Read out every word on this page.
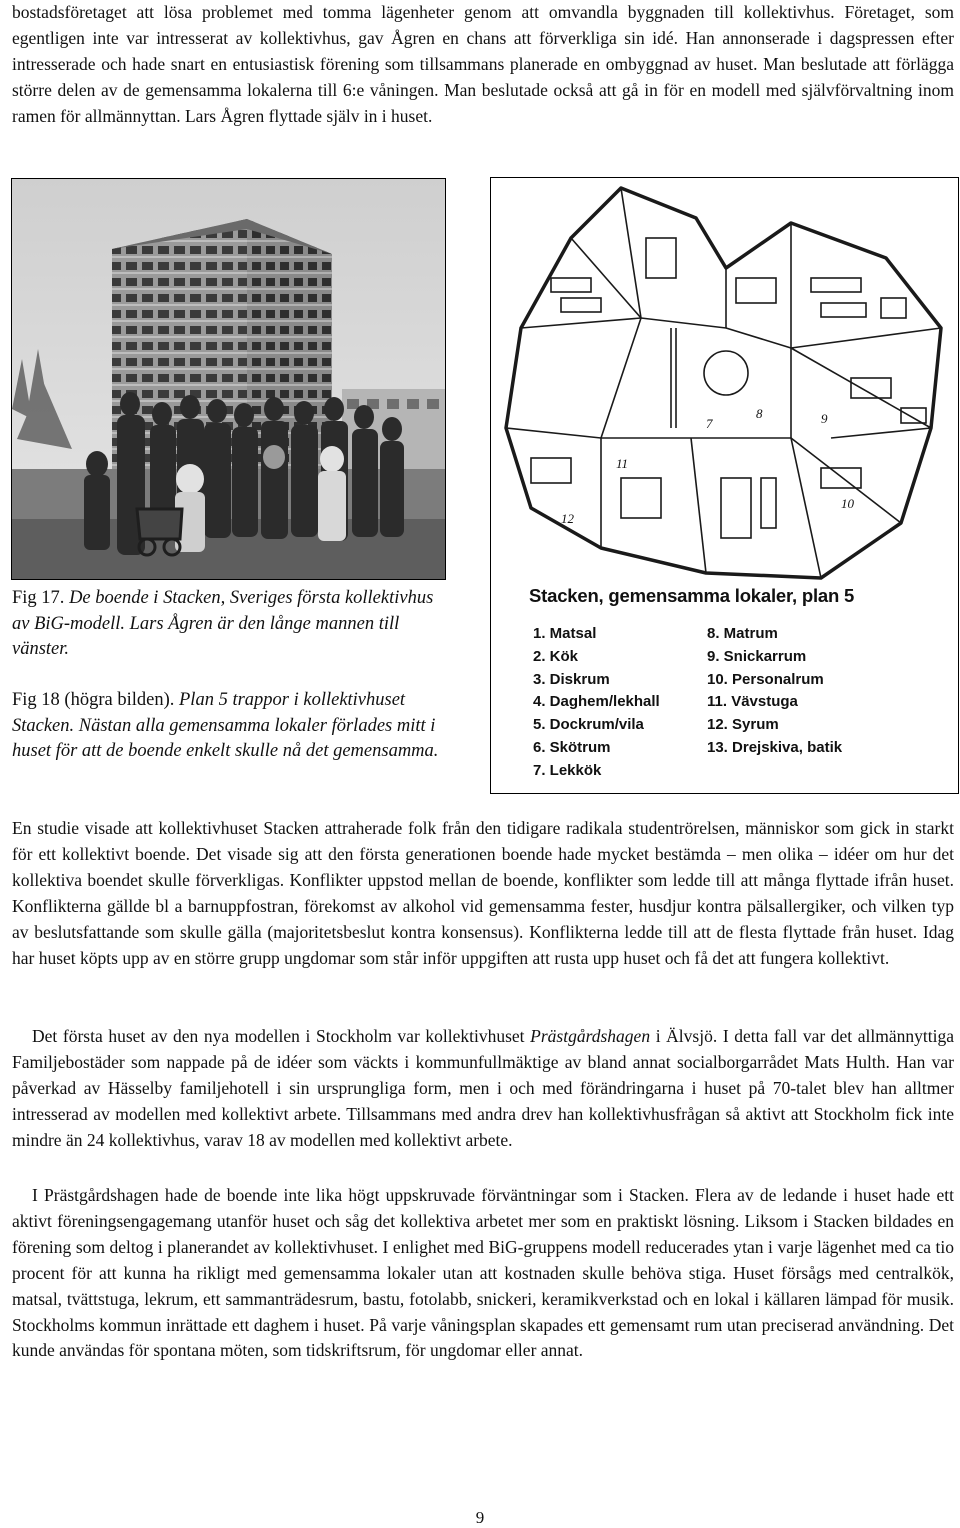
bostadsföretaget att lösa problemet med tomma lägenheter genom att omvandla byggnaden till kollektivhus. Företaget, som egentligen inte var intresserat av kollektivhus, gav Ågren en chans att förverkliga sin idé. Han annonserade i dagspressen efter intresserade och hade snart en entusiastisk förening som tillsammans planerade en ombyggnad av huset. Man beslutade att förlägga större delen av de gemensamma lokalerna till 6:e våningen. Man beslutade också att gå in för en modell med självförvaltning inom ramen för allmännyttan. Lars Ågren flyttade själv in i huset.

11
12
7
8	9
10
Stacken, gemensamma lokaler, plan 5
1. Matsal
2. Kök
3. Diskrum
4. Daghem/lekhall
5. Dockrum/vila
6. Skötrum
7. Lekkök
8. Matrum
9. Snickarrum
10. Personalrum
11. Vävstuga
12. Syrum
13. Drejskiva, batik

Fig 17. De boende i Stacken, Sveriges första kollektivhus av BiG-modell. Lars Ågren är den långe mannen till vänster.

Fig 18 (högra bilden). Plan 5 trappor i kollektivhuset Stacken. Nästan alla gemensamma lokaler förlades mitt i huset för att de boende enkelt skulle nå det gemensamma.

En studie visade att kollektivhuset Stacken attraherade folk från den tidigare radikala studentrörelsen, människor som gick in starkt för ett kollektivt boende. Det visade sig att den första generationen boende hade mycket bestämda – men olika – idéer om hur det kollektiva boendet skulle förverkligas. Konflikter uppstod mellan de boende, konflikter som ledde till att många flyttade ifrån huset. Konflikterna gällde bl a barnuppfostran, förekomst av alkohol vid gemensamma fester, husdjur kontra pälsallergiker, och vilken typ av beslutsfattande som skulle gälla (majoritetsbeslut kontra konsensus). Konflikterna ledde till att de flesta flyttade från huset. Idag har huset köpts upp av en större grupp ungdomar som står inför uppgiften att rusta upp huset och få det att fungera kollektivt.

Det första huset av den nya modellen i Stockholm var kollektivhuset Prästgårdshagen i Älvsjö. I detta fall var det allmännyttiga Familjebostäder som nappade på de idéer som väckts i kommunfullmäktige av bland annat socialborgarrådet Mats Hulth. Han var påverkad av Hässelby familjehotell i sin ursprungliga form, men i och med förändringarna i huset på 70-talet blev han alltmer intresserad av modellen med kollektivt arbete. Tillsammans med andra drev han kollektivhusfrågan så aktivt att Stockholm fick inte mindre än 24 kollektivhus, varav 18 av modellen med kollektivt arbete.

I Prästgårdshagen hade de boende inte lika högt uppskruvade förväntningar som i Stacken. Flera av de ledande i huset hade ett aktivt föreningsengagemang utanför huset och såg det kollektiva arbetet mer som en praktiskt lösning. Liksom i Stacken bildades en förening som deltog i planerandet av kollektivhuset. I enlighet med BiG-gruppens modell reducerades ytan i varje lägenhet med ca tio procent för att kunna ha rikligt med gemensamma lokaler utan att kostnaden skulle behöva stiga. Huset försågs med centralkök, matsal, tvättstuga, lekrum, ett sammanträdesrum, bastu, fotolabb, snickeri, keramikverkstad och en lokal i källaren lämpad för musik. Stockholms kommun inrättade ett daghem i huset. På varje våningsplan skapades ett gemensamt rum utan preciserad användning. Det kunde användas för spontana möten, som tidskriftsrum, för ungdomar eller annat.

9
